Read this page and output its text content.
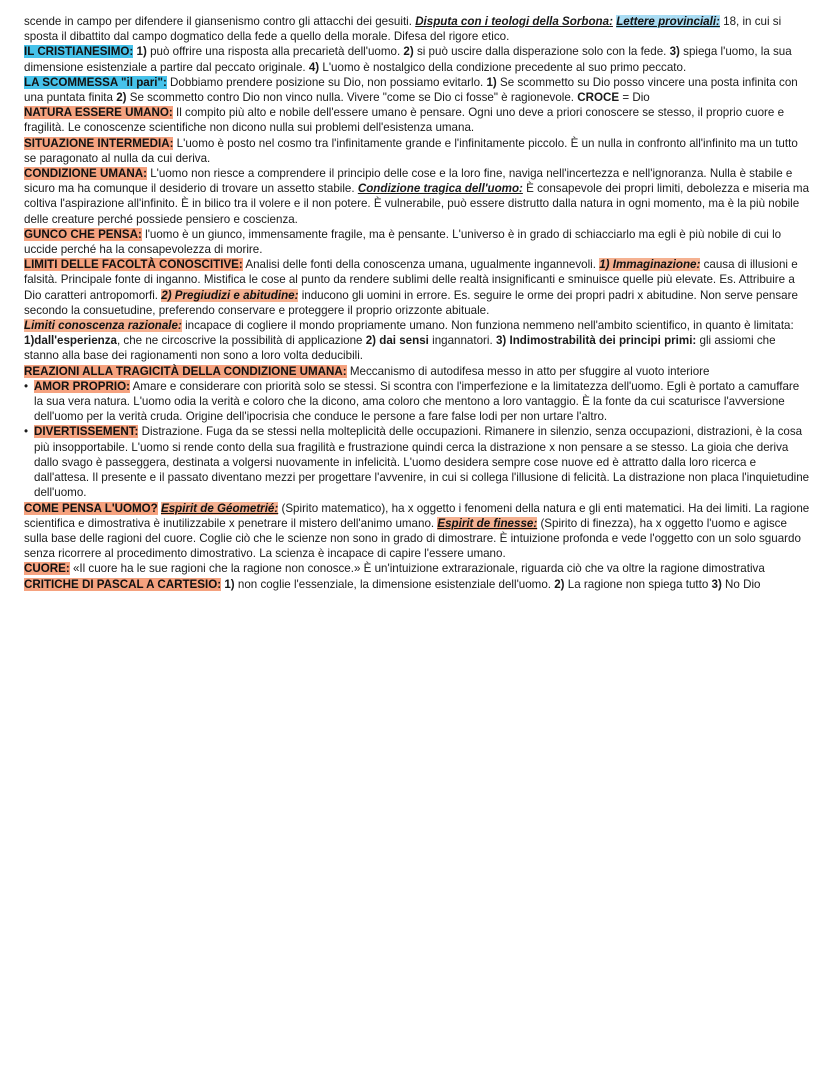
scende in campo per difendere il giansenismo contro gli attacchi dei gesuiti. Disputa con i teologi della Sorbona: Lettere provinciali: 18, in cui si sposta il dibattito dal campo dogmatico della fede a quello della morale. Difesa del rigore etico.

IL CRISTIANESIMO: 1) può offrire una risposta alla precarietà dell'uomo. 2) si può uscire dalla disperazione solo con la fede. 3) spiega l'uomo, la sua dimensione esistenziale a partire dal peccato originale. 4) L'uomo è nostalgico della condizione precedente al suo primo peccato.

LA SCOMMESSA "il pari": Dobbiamo prendere posizione su Dio, non possiamo evitarlo. 1) Se scommetto su Dio posso vincere una posta infinita con una puntata finita 2) Se scommetto contro Dio non vinco nulla. Vivere "come se Dio ci fosse" è ragionevole. CROCE = Dio

NATURA ESSERE UMANO: Il compito più alto e nobile dell'essere umano è pensare. Ogni uno deve a priori conoscere se stesso, il proprio cuore e fragilità. Le conoscenze scientifiche non dicono nulla sui problemi dell'esistenza umana.

SITUAZIONE INTERMEDIA: L'uomo è posto nel cosmo tra l'infinitamente grande e l'infinitamente piccolo. È un nulla in confronto all'infinito ma un tutto se paragonato al nulla da cui deriva.

CONDIZIONE UMANA: L'uomo non riesce a comprendere il principio delle cose e la loro fine, naviga nell'incertezza e nell'ignoranza. Nulla è stabile e sicuro ma ha comunque il desiderio di trovare un assetto stabile. Condizione tragica dell'uomo: È consapevole dei propri limiti, debolezza e miseria ma coltiva l'aspirazione all'infinito. È in bilico tra il volere e il non potere. È vulnerabile, può essere distrutto dalla natura in ogni momento, ma è la più nobile delle creature perché possiede pensiero e coscienza.

GUNCO CHE PENSA: l'uomo è un giunco, immensamente fragile, ma è pensante. L'universo è in grado di schiacciarlo ma egli è più nobile di cui lo uccide perché ha la consapevolezza di morire.

LIMITI DELLE FACOLTÀ CONOSCITIVE: Analisi delle fonti della conoscenza umana, ugualmente ingannevoli. 1) Immaginazione: causa di illusioni e falsità. Principale fonte di inganno. Mistifica le cose al punto da rendere sublimi delle realtà insignificanti e sminuisce quelle più elevate. Es. Attribuire a Dio caratteri antropomorfi. 2) Pregiudizi e abitudine: inducono gli uomini in errore. Es. seguire le orme dei propri padri x abitudine. Non serve pensare secondo la consuetudine, preferendo conservare e proteggere il proprio orizzonte abituale.

Limiti conoscenza razionale: incapace di cogliere il mondo propriamente umano. Non funziona nemmeno nell'ambito scientifico, in quanto è limitata: 1)dall'esperienza, che ne circoscrive la possibilità di applicazione 2) dai sensi ingannatori. 3) Indimostrabilità dei principi primi: gli assiomi che stanno alla base dei ragionamenti non sono a loro volta deducibili.

REAZIONI ALLA TRAGICITÀ DELLA CONDIZIONE UMANA: Meccanismo di autodifesa messo in atto per sfuggire al vuoto interiore

• AMOR PROPRIO: Amare e considerare con priorità solo se stessi. Si scontra con l'imperfezione e la limitatezza dell'uomo. Egli è portato a camuffare la sua vera natura. L'uomo odia la verità e coloro che la dicono, ama coloro che mentono a loro vantaggio. È la fonte da cui scaturisce l'avversione dell'uomo per la verità cruda. Origine dell'ipocrisia che conduce le persone a fare false lodi per non urtare l'altro.
• DIVERTISSEMENT: Distrazione. Fuga da se stessi nella molteplicità delle occupazioni. Rimanere in silenzio, senza occupazioni, distrazioni, è la cosa più insopportabile. L'uomo si rende conto della sua fragilità e frustrazione quindi cerca la distrazione x non pensare a se stesso. La gioia che deriva dallo svago è passeggera, destinata a volgersi nuovamente in infelicità. L'uomo desidera sempre cose nuove ed è attratto dalla loro ricerca e dall'attesa. Il presente e il passato diventano mezzi per progettare l'avvenire, in cui si collega l'illusione di felicità. La distrazione non placa l'inquietudine dell'uomo.

COME PENSA L'UOMO? Espirit de Géometrié: (Spirito matematico), ha x oggetto i fenomeni della natura e gli enti matematici. Ha dei limiti. La ragione scientifica e dimostrativa è inutilizzabile x penetrare il mistero dell'animo umano. Espirit de finesse: (Spirito di finezza), ha x oggetto l'uomo e agisce sulla base delle ragioni del cuore. Coglie ciò che le scienze non sono in grado di dimostrare. È intuizione profonda e vede l'oggetto con un solo sguardo senza ricorrere al procedimento dimostrativo. La scienza è incapace di capire l'essere umano.

CUORE: «Il cuore ha le sue ragioni che la ragione non conosce.» È un'intuizione extrarazionale, riguarda ciò che va oltre la ragione dimostrativa

CRITICHE DI PASCAL A CARTESIO: 1) non coglie l'essenziale, la dimensione esistenziale dell'uomo. 2) La ragione non spiega tutto 3) No Dio
